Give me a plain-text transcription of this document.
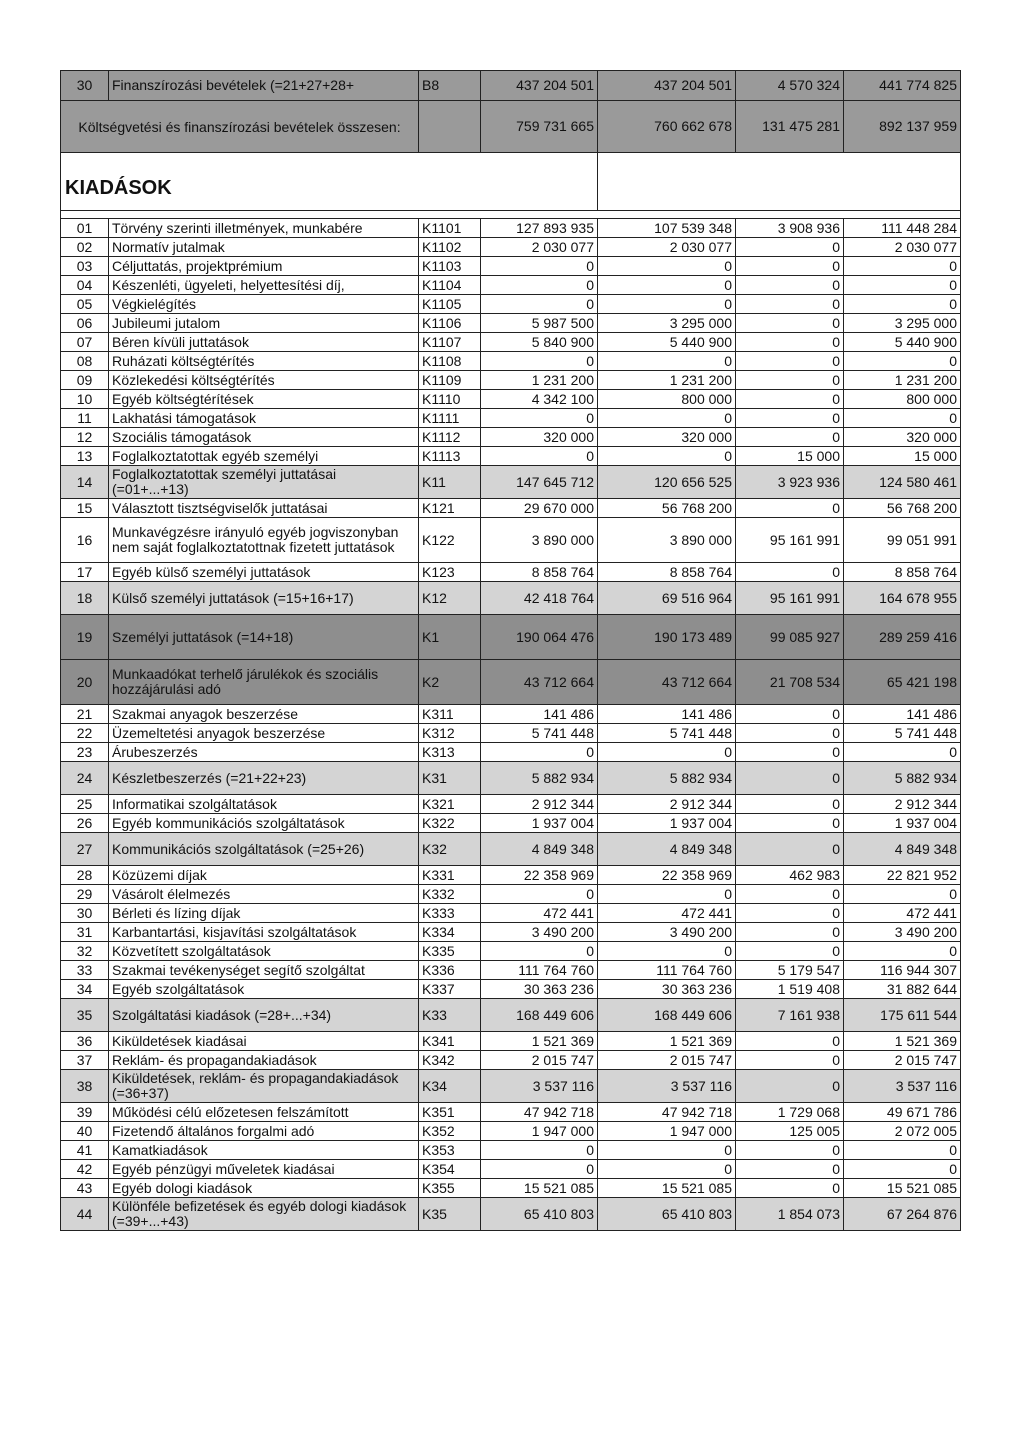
30	Finanszírozási bevételek (=21+27+28+	B8	437 204 501	437 204 501	4 570 324	441 774 825
Költségvetési és finanszírozási bevételek összesen:			759 731 665	760 662 678	131 475 281	892 137 959
KIADÁSOK						

01	Törvény szerinti illetmények, munkabére	K1101	127 893 935	107 539 348	3 908 936	111 448 284
02	Normatív jutalmak	K1102	2 030 077	2 030 077	0	2 030 077
03	Céljuttatás, projektprémium	K1103	0	0	0	0
04	Készenléti, ügyeleti, helyettesítési díj,	K1104	0	0	0	0
05	Végkielégítés	K1105	0	0	0	0
06	Jubileumi jutalom	K1106	5 987 500	3 295 000	0	3 295 000
07	Béren kívüli juttatások	K1107	5 840 900	5 440 900	0	5 440 900
08	Ruházati költségtérítés	K1108	0	0	0	0
09	Közlekedési költségtérítés	K1109	1 231 200	1 231 200	0	1 231 200
10	Egyéb költségtérítések	K1110	4 342 100	800 000	0	800 000
11	Lakhatási támogatások	K1111	0	0	0	0
12	Szociális támogatások	K1112	320 000	320 000	0	320 000
13	Foglalkoztatottak egyéb személyi	K1113	0	0	15 000	15 000
14	Foglalkoztatottak személyi juttatásai (=01+...+13)	K11	147 645 712	120 656 525	3 923 936	124 580 461
15	Választott tisztségviselők juttatásai	K121	29 670 000	56 768 200	0	56 768 200
16	Munkavégzésre irányuló egyéb jogviszonyban nem saját foglalkoztatottnak fizetett juttatások	K122	3 890 000	3 890 000	95 161 991	99 051 991
17	Egyéb külső személyi juttatások	K123	8 858 764	8 858 764	0	8 858 764
18	Külső személyi juttatások (=15+16+17)	K12	42 418 764	69 516 964	95 161 991	164 678 955
19	Személyi juttatások (=14+18)	K1	190 064 476	190 173 489	99 085 927	289 259 416
20	Munkaadókat terhelő járulékok és szociális hozzájárulási adó	K2	43 712 664	43 712 664	21 708 534	65 421 198
21	Szakmai anyagok beszerzése	K311	141 486	141 486	0	141 486
22	Üzemeltetési anyagok beszerzése	K312	5 741 448	5 741 448	0	5 741 448
23	Árubeszerzés	K313	0	0	0	0
24	Készletbeszerzés (=21+22+23)	K31	5 882 934	5 882 934	0	5 882 934
25	Informatikai szolgáltatások	K321	2 912 344	2 912 344	0	2 912 344
26	Egyéb kommunikációs szolgáltatások	K322	1 937 004	1 937 004	0	1 937 004
27	Kommunikációs szolgáltatások (=25+26)	K32	4 849 348	4 849 348	0	4 849 348
28	Közüzemi díjak	K331	22 358 969	22 358 969	462 983	22 821 952
29	Vásárolt élelmezés	K332	0	0	0	0
30	Bérleti és lízing díjak	K333	472 441	472 441	0	472 441
31	Karbantartási, kisjavítási szolgáltatások	K334	3 490 200	3 490 200	0	3 490 200
32	Közvetített szolgáltatások	K335	0	0	0	0
33	Szakmai tevékenységet segítő szolgáltat	K336	111 764 760	111 764 760	5 179 547	116 944 307
34	Egyéb szolgáltatások	K337	30 363 236	30 363 236	1 519 408	31 882 644
35	Szolgáltatási kiadások (=28+...+34)	K33	168 449 606	168 449 606	7 161 938	175 611 544
36	Kiküldetések kiadásai	K341	1 521 369	1 521 369	0	1 521 369
37	Reklám- és propagandakiadások	K342	2 015 747	2 015 747	0	2 015 747
38	Kiküldetések, reklám- és propagandakiadások (=36+37)	K34	3 537 116	3 537 116	0	3 537 116
39	Működési célú előzetesen felszámított	K351	47 942 718	47 942 718	1 729 068	49 671 786
40	Fizetendő általános forgalmi adó	K352	1 947 000	1 947 000	125 005	2 072 005
41	Kamatkiadások	K353	0	0	0	0
42	Egyéb pénzügyi műveletek kiadásai	K354	0	0	0	0
43	Egyéb dologi kiadások	K355	15 521 085	15 521 085	0	15 521 085
44	Különféle befizetések és egyéb dologi kiadások (=39+...+43)	K35	65 410 803	65 410 803	1 854 073	67 264 876
